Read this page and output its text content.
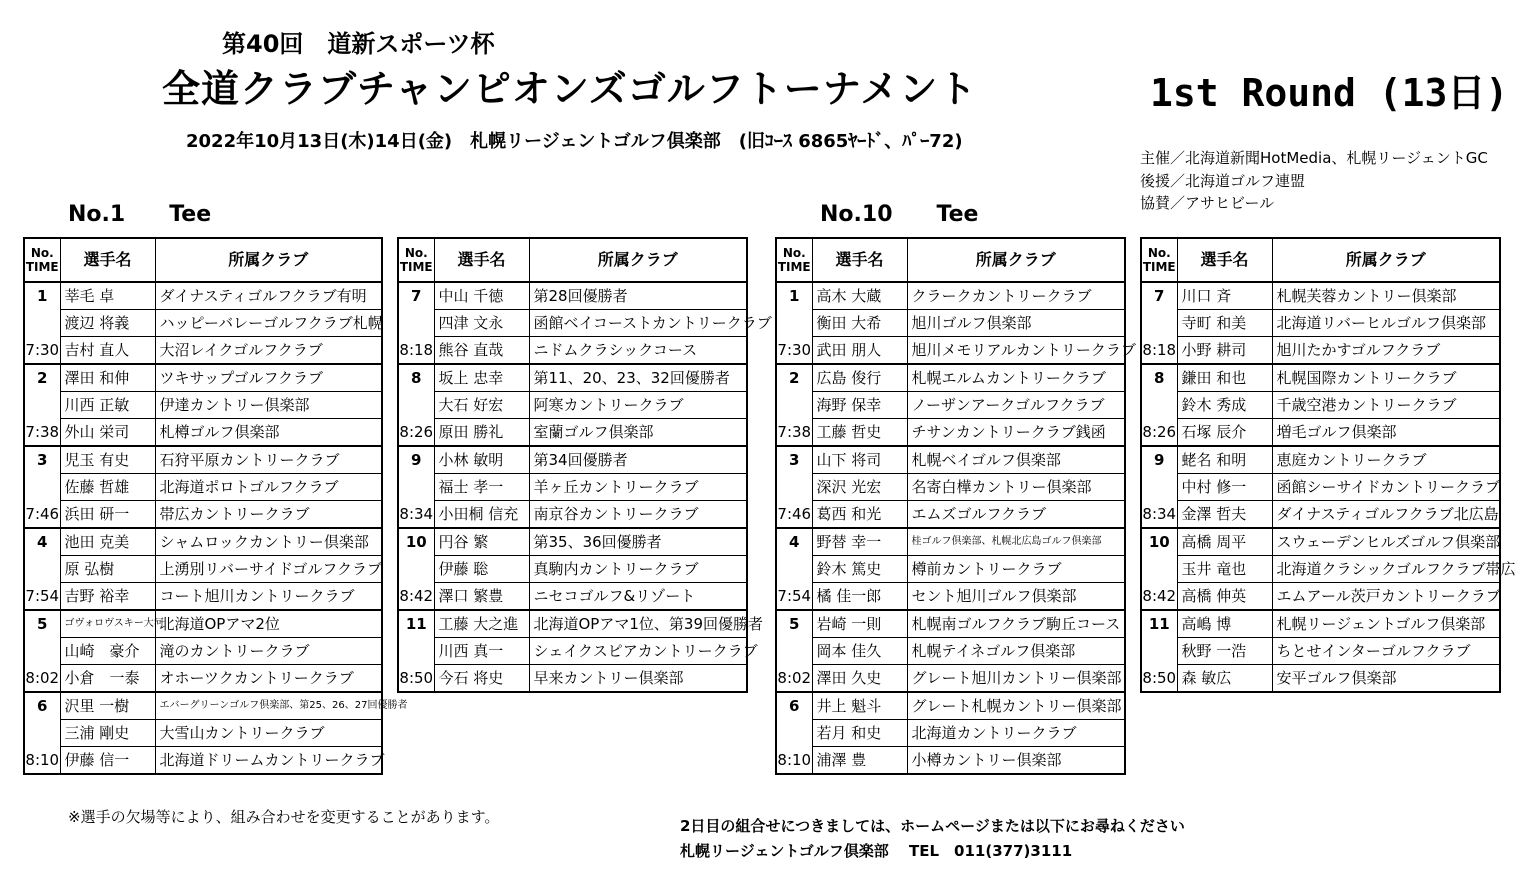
第40回　道新スポーツ杯
全道クラブチャンピオンズゴルフトーナメント	1st Round (13日)
2022年10月13日(木)14日(金)　札幌リージェントゴルフ倶楽部　(旧ｺｰｽ 6865ﾔｰﾄﾞ、ﾊﾟｰ72)
主催／北海道新聞HotMedia、札幌リージェントGC
後援／北海道ゴルフ連盟
協賛／アサヒビール
No.1　　Tee	No.10　　Tee
No.
TIME	選手名	所属クラブ
1	莘毛 卓	ダイナスティゴルフクラブ有明
	渡辺 将義	ハッピーバレーゴルフクラブ札幌
7:30	吉村 直人	大沼レイクゴルフクラブ
2	澤田 和伸	ツキサップゴルフクラブ
	川西 正敏	伊達カントリー倶楽部
7:38	外山 栄司	札樽ゴルフ倶楽部
3	児玉 有史	石狩平原カントリークラブ
	佐藤 哲雄	北海道ポロトゴルフクラブ
7:46	浜田 研一	帯広カントリークラブ
4	池田 克美	シャムロックカントリー倶楽部
	原 弘樹	上湧別リバーサイドゴルフクラブ
7:54	吉野 裕幸	コート旭川カントリークラブ
5	ゴヴォロヴスキー大河	北海道OPアマ2位
	山崎　豪介	滝のカントリークラブ
8:02	小倉　一泰	オホーツクカントリークラブ
6	沢里 一樹	エバーグリーンゴルフ倶楽部、第25、26、27回優勝者
	三浦 剛史	大雪山カントリークラブ
8:10	伊藤 信一	北海道ドリームカントリークラブ
No.
TIME	選手名	所属クラブ
7	中山 千徳	第28回優勝者
	四津 文永	函館ベイコーストカントリークラブ
8:18	熊谷 直哉	ニドムクラシックコース
8	坂上 忠幸	第11、20、23、32回優勝者
	大石 好宏	阿寒カントリークラブ
8:26	原田 勝礼	室蘭ゴルフ倶楽部
9	小林 敏明	第34回優勝者
	福士 孝一	羊ヶ丘カントリークラブ
8:34	小田桐 信充	南京谷カントリークラブ
10	円谷 繁	第35、36回優勝者
	伊藤 聡	真駒内カントリークラブ
8:42	澤口 繁豊	ニセコゴルフ&リゾート
11	工藤 大之進	北海道OPアマ1位、第39回優勝者
	川西 真一	シェイクスピアカントリークラブ
8:50	今石 将史	早来カントリー倶楽部
No.
TIME	選手名	所属クラブ
1	高木 大蔵	クラークカントリークラブ
	衡田 大希	旭川ゴルフ倶楽部
7:30	武田 朋人	旭川メモリアルカントリークラブ
2	広島 俊行	札幌エルムカントリークラブ
	海野 保幸	ノーザンアークゴルフクラブ
7:38	工藤 哲史	チサンカントリークラブ銭函
3	山下 将司	札幌ベイゴルフ倶楽部
	深沢 光宏	名寄白樺カントリー倶楽部
7:46	葛西 和光	エムズゴルフクラブ
4	野替 幸一	桂ゴルフ倶楽部、札幌北広島ゴルフ倶楽部
	鈴木 篤史	樽前カントリークラブ
7:54	橘 佳一郎	セント旭川ゴルフ倶楽部
5	岩崎 一則	札幌南ゴルフクラブ駒丘コース
	岡本 佳久	札幌テイネゴルフ倶楽部
8:02	澤田 久史	グレート旭川カントリー倶楽部
6	井上 魁斗	グレート札幌カントリー倶楽部
	若月 和史	北海道カントリークラブ
8:10	浦澤 豊	小樽カントリー倶楽部
No.
TIME	選手名	所属クラブ
7	川口 斉	札幌芙蓉カントリー倶楽部
	寺町 和美	北海道リバーヒルゴルフ倶楽部
8:18	小野 耕司	旭川たかすゴルフクラブ
8	鎌田 和也	札幌国際カントリークラブ
	鈴木 秀成	千歳空港カントリークラブ
8:26	石塚 辰介	増毛ゴルフ倶楽部
9	蛯名 和明	恵庭カントリークラブ
	中村 修一	函館シーサイドカントリークラブ
8:34	金澤 哲夫	ダイナスティゴルフクラブ北広島
10	高橋 周平	スウェーデンヒルズゴルフ倶楽部
	玉井 竜也	北海道クラシックゴルフクラブ帯広
8:42	高橋 伸英	エムアール茨戸カントリークラブ
11	高嶋 博	札幌リージェントゴルフ倶楽部
	秋野 一浩	ちとせインターゴルフクラブ
8:50	森 敏広	安平ゴルフ倶楽部
※選手の欠場等により、組み合わせを変更することがあります。	2日目の組合せにつきましては、ホームページまたは以下にお尋ねください
札幌リージェントゴルフ倶楽部　 TEL　011(377)3111
